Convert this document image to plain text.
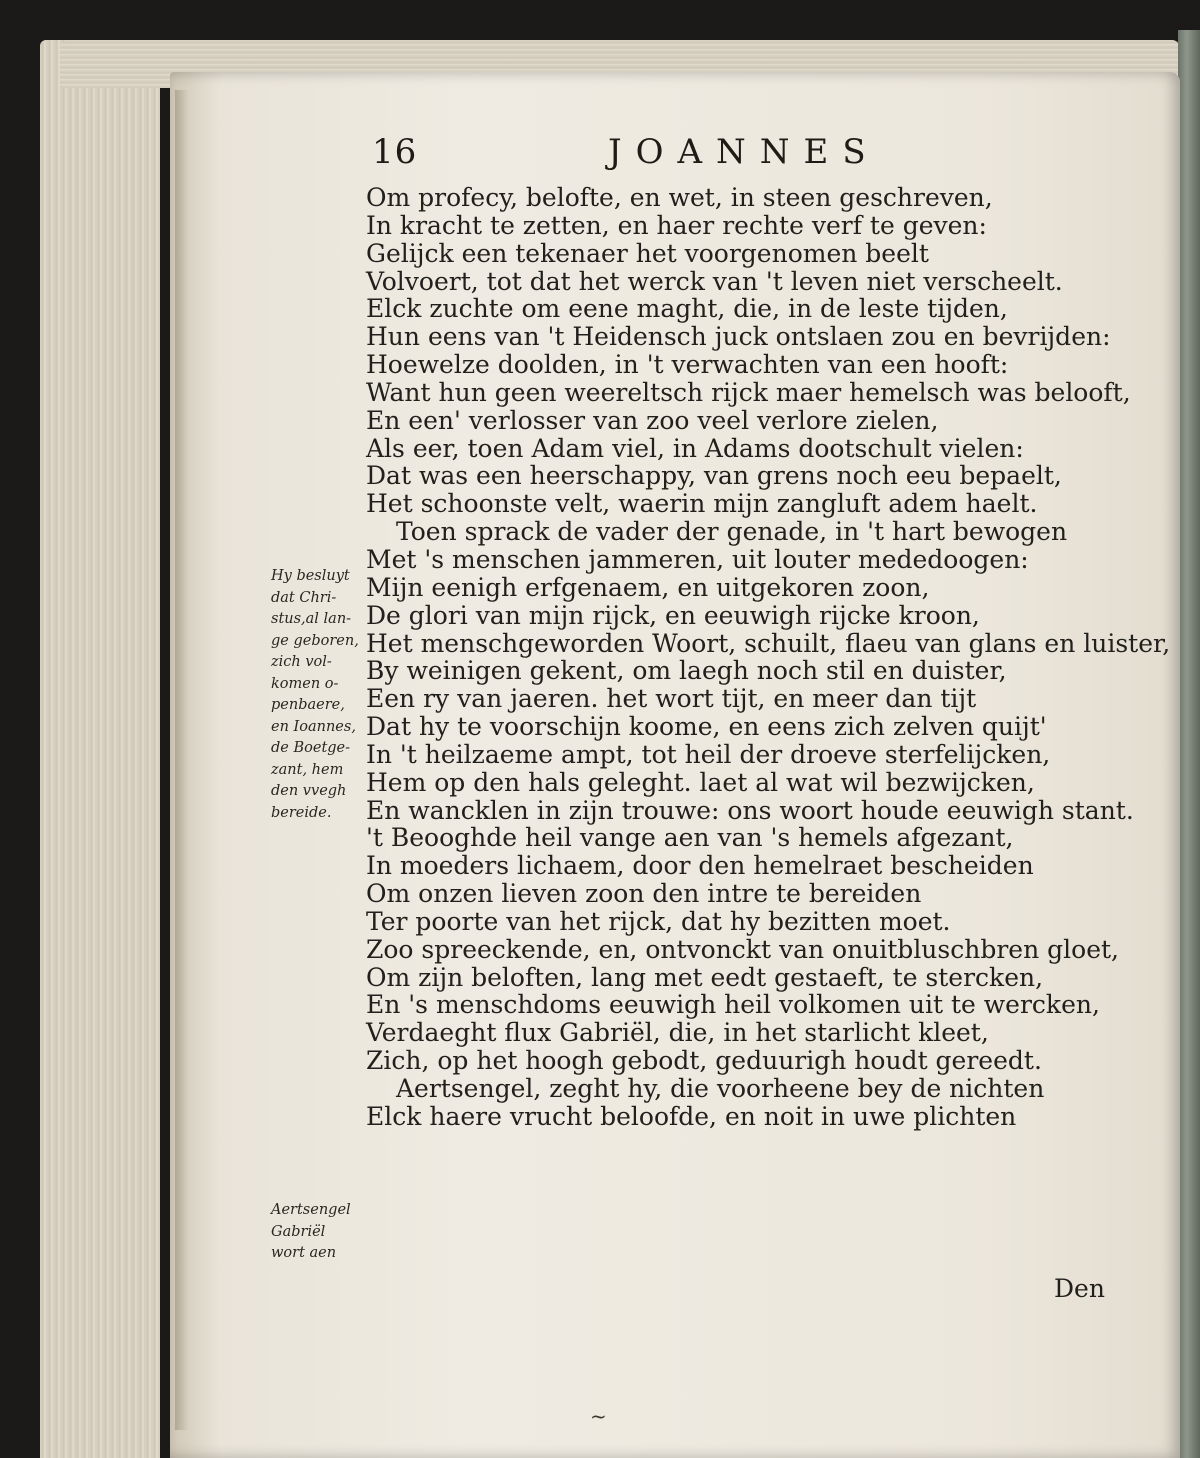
16	JOANNES
Om profecy, belofte, en wet, in steen geschreven,
In kracht te zetten, en haer rechte verf te geven:
Gelijck een tekenaer het voorgenomen beelt
Volvoert, tot dat het werck van 't leven niet verscheelt.
Elck zuchte om eene maght, die, in de leste tijden,
Hun eens van 't Heidensch juck ontslaen zou en bevrijden:
Hoewelze doolden, in 't verwachten van een hooft:
Want hun geen weereltsch rijck maer hemelsch was belooft,
En een' verlosser van zoo veel verlore zielen,
Als eer, toen Adam viel, in Adams dootschult vielen:
Dat was een heerschappy, van grens noch eeu bepaelt,
Het schoonste velt, waerin mijn zangluft adem haelt.
Toen sprack de vader der genade, in 't hart bewogen
Met 's menschen jammeren, uit louter mededoogen:
Mijn eenigh erfgenaem, en uitgekoren zoon,
De glori van mijn rijck, en eeuwigh rijcke kroon,
Het menschgeworden Woort, schuilt, flaeu van glans en luister,
By weinigen gekent, om laegh noch stil en duister,
Een ry van jaeren. het wort tijt, en meer dan tijt
Dat hy te voorschijn koome, en eens zich zelven quijt'
In 't heilzaeme ampt, tot heil der droeve sterfelijcken,
Hem op den hals geleght. laet al wat wil bezwijcken,
En wancklen in zijn trouwe: ons woort houde eeuwigh stant.
't Beooghde heil vange aen van 's hemels afgezant,
In moeders lichaem, door den hemelraet bescheiden
Om onzen lieven zoon den intre te bereiden
Ter poorte van het rijck, dat hy bezitten moet.
Zoo spreeckende, en, ontvonckt van onuitbluschbren gloet,
Om zijn beloften, lang met eedt gestaeft, te stercken,
En 's menschdoms eeuwigh heil volkomen uit te wercken,
Verdaeght flux Gabriël, die, in het starlicht kleet,
Zich, op het hoogh gebodt, geduurigh houdt gereedt.
Aertsengel, zeght hy, die voorheene bey de nichten
Elck haere vrucht beloofde, en noit in uwe plichten
Hy besluyt
dat Chri-
stus,al lan-
ge geboren,
zich vol-
komen o-
penbaere,
en Ioannes,
de Boetge-
zant, hem
den vvegh
bereide.
Aertsengel
Gabriël
wort aen
Den
~
